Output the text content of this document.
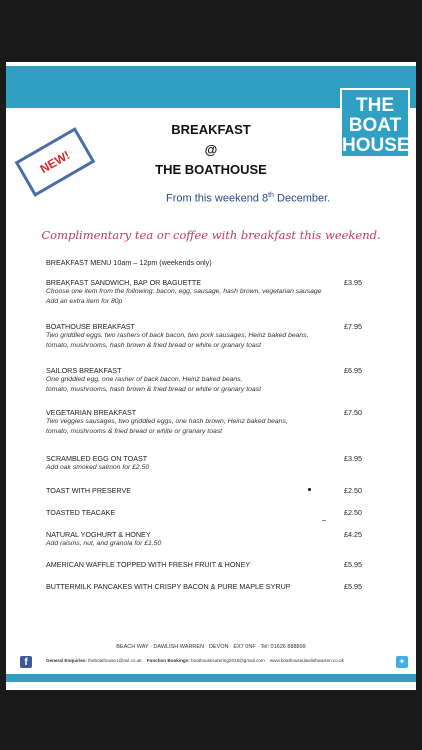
THE
BOAT
HOUSE
NEW!
BREAKFAST
@
THE BOATHOUSE
From this weekend 8th December.
Complimentary tea or coffee with breakfast this weekend.
BREAKFAST MENU 10am – 12pm (weekends only)
BREAKFAST SANDWICH, BAP OR BAGUETTE	£3.95
Choose one item from the following: bacon, egg, sausage, hash brown, vegetarian sausage
Add an extra item for 80p
BOATHOUSE BREAKFAST	£7.95
Two griddled eggs, two rashers of back bacon, two pork sausages, Heinz baked beans,
tomato, mushrooms, hash brown & fried bread or white or granary toast
SAILORS BREAKFAST	£6.95
One griddled egg, one rasher of back bacon, Heinz baked beans,
tomato, mushrooms, hash brown & fried bread or white or granary toast
VEGETARIAN BREAKFAST	£7.50
Two veggies sausages, two griddled eggs, one hash brown, Heinz baked beans,
tomato, mushrooms & fried bread or white or granary toast
SCRAMBLED EGG ON TOAST	£3.95
Add oak smoked salmon for £2.50
TOAST WITH PRESERVE	£2.50
TOASTED TEACAKE	£2.50
NATURAL YOGHURT & HONEY	£4.25
Add raisins, nut, and granola for £1.50
AMERICAN WAFFLE TOPPED WITH FRESH FRUIT & HONEY	£5.95
BUTTERMILK PANCAKES WITH CRISPY BACON & PURE MAPLE SYRUP	£5.95
BEACH WAY · DAWLISH WARREN · DEVON · EX7 0NF · Tel: 01626 888899
f	General Enquiries: theboathouse1@aol.co.uk Function Bookings: boathousecatering2015@gmail.com www.boathousedawlishwarren.co.uk	✦
